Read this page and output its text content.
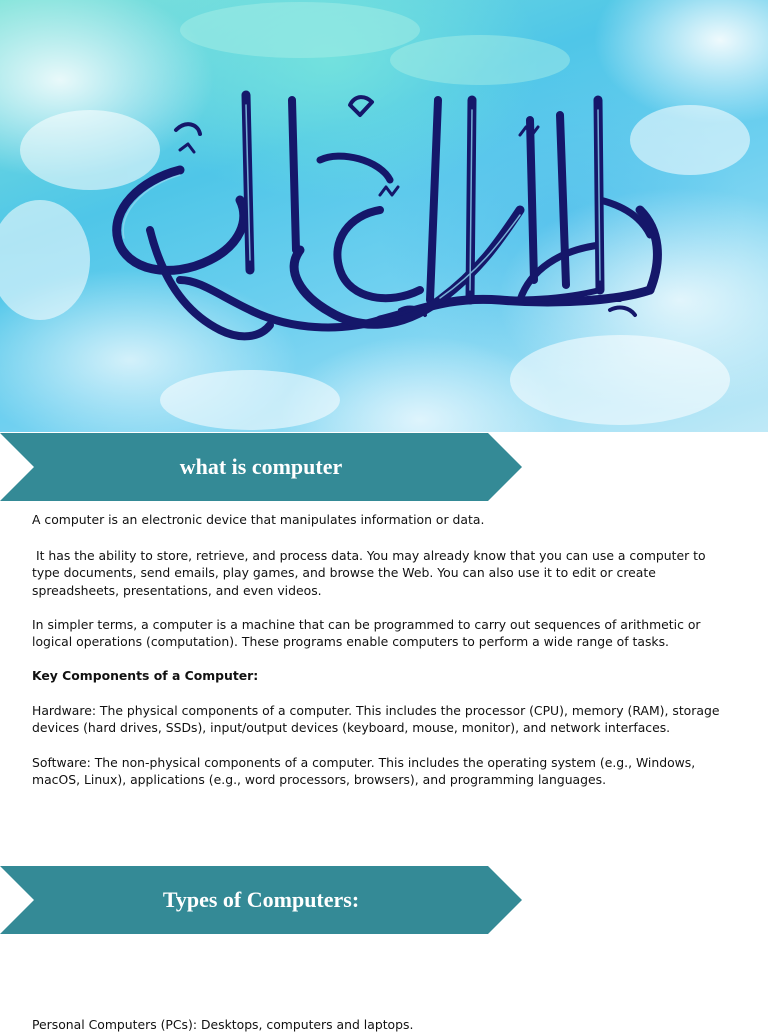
what is computer

A computer is an electronic device that manipulates information or data.

It has the ability to store, retrieve, and process data. You may already know that you can use a computer to type documents, send emails, play games, and browse the Web. You can also use it to edit or create spreadsheets, presentations, and even videos.

In simpler terms, a computer is a machine that can be programmed to carry out sequences of arithmetic or logical operations (computation). These programs enable computers to perform a wide range of tasks.

Key Components of a Computer:

Hardware: The physical components of a computer. This includes the processor (CPU), memory (RAM), storage devices (hard drives, SSDs), input/output devices (keyboard, mouse, monitor), and network interfaces.

Software: The non-physical components of a computer. This includes the operating system (e.g., Windows, macOS, Linux), applications (e.g., word processors, browsers), and programming languages.

Types of Computers:

Personal Computers (PCs): Desktops, computers and laptops.
